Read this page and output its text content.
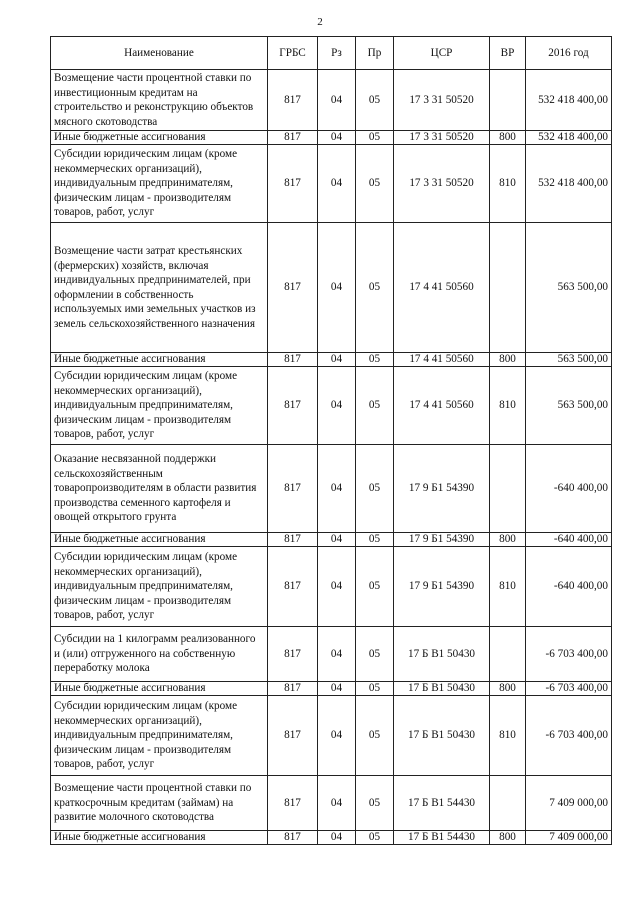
2
Наименование	ГРБС	Рз	Пр	ЦСР	ВР	2016 год
Возмещение части процентной ставки по инвестиционным кредитам на строительство и реконструкцию объектов мясного скотоводства	817	04	05	17 3 31 50520		532 418 400,00
Иные бюджетные ассигнования	817	04	05	17 3 31 50520	800	532 418 400,00
Субсидии юридическим лицам (кроме некоммерческих организаций), индивидуальным предпринимателям, физическим лицам - производителям товаров, работ, услуг	817	04	05	17 3 31 50520	810	532 418 400,00
Возмещение части затрат крестьянских (фермерских) хозяйств, включая индивидуальных предпринимателей, при оформлении в собственность используемых ими земельных участков из земель сельскохозяйственного назначения	817	04	05	17 4 41 50560		563 500,00
Иные бюджетные ассигнования	817	04	05	17 4 41 50560	800	563 500,00
Субсидии юридическим лицам (кроме некоммерческих организаций), индивидуальным предпринимателям, физическим лицам - производителям товаров, работ, услуг	817	04	05	17 4 41 50560	810	563 500,00
Оказание несвязанной поддержки сельскохозяйственным товаропроизводителям в области развития производства семенного картофеля и овощей открытого грунта	817	04	05	17 9 Б1 54390		-640 400,00
Иные бюджетные ассигнования	817	04	05	17 9 Б1 54390	800	-640 400,00
Субсидии юридическим лицам (кроме некоммерческих организаций), индивидуальным предпринимателям, физическим лицам - производителям товаров, работ, услуг	817	04	05	17 9 Б1 54390	810	-640 400,00
Субсидии на 1 килограмм реализованного и (или) отгруженного на собственную переработку молока	817	04	05	17 Б В1 50430		-6 703 400,00
Иные бюджетные ассигнования	817	04	05	17 Б В1 50430	800	-6 703 400,00
Субсидии юридическим лицам (кроме некоммерческих организаций), индивидуальным предпринимателям, физическим лицам - производителям товаров, работ, услуг	817	04	05	17 Б В1 50430	810	-6 703 400,00
Возмещение части процентной ставки по краткосрочным кредитам (займам) на развитие молочного скотоводства	817	04	05	17 Б В1 54430		7 409 000,00
Иные бюджетные ассигнования	817	04	05	17 Б В1 54430	800	7 409 000,00
